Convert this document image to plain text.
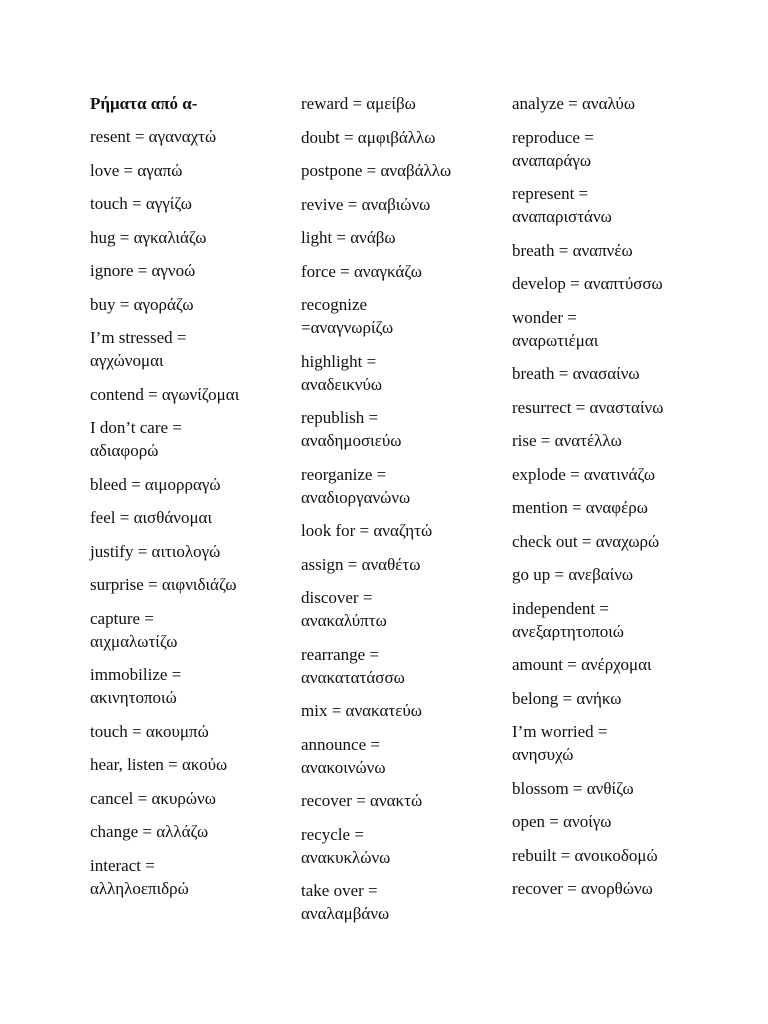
Ρήματα από α-
resent = αγαναχτώ
love = αγαπώ
touch = αγγίζω
hug = αγκαλιάζω
ignore = αγνοώ
buy = αγοράζω
I’m stressed =
αγχώνομαι
contend = αγωνίζομαι
I don’t care =
αδιαφορώ
bleed = αιμορραγώ
feel = αισθάνομαι
justify = αιτιολογώ
surprise = αιφνιδιάζω
capture =
αιχμαλωτίζω
immobilize =
ακινητοποιώ
touch = ακουμπώ
hear, listen = ακούω
cancel = ακυρώνω
change = αλλάζω
interact =
αλληλοεπιδρώ
reward = αμείβω
doubt = αμφιβάλλω
postpone = αναβάλλω
revive = αναβιώνω
light = ανάβω
force = αναγκάζω
recognize
=αναγνωρίζω
highlight =
αναδεικνύω
republish =
αναδημοσιεύω
reorganize =
αναδιοργανώνω
look for = αναζητώ
assign = αναθέτω
discover =
ανακαλύπτω
rearrange =
ανακατατάσσω
mix = ανακατεύω
announce =
ανακοινώνω
recover = ανακτώ
recycle =
ανακυκλώνω
take over =
αναλαμβάνω
analyze = αναλύω
reproduce =
αναπαράγω
represent =
αναπαριστάνω
breath = αναπνέω
develop = αναπτύσσω
wonder =
αναρωτιέμαι
breath = ανασαίνω
resurrect = ανασταίνω
rise = ανατέλλω
explode = ανατινάζω
mention = αναφέρω
check out = αναχωρώ
go up = ανεβαίνω
independent =
ανεξαρτητοποιώ
amount = ανέρχομαι
belong = ανήκω
I’m worried =
ανησυχώ
blossom = ανθίζω
open = ανοίγω
rebuilt = ανοικοδομώ
recover = ανορθώνω
